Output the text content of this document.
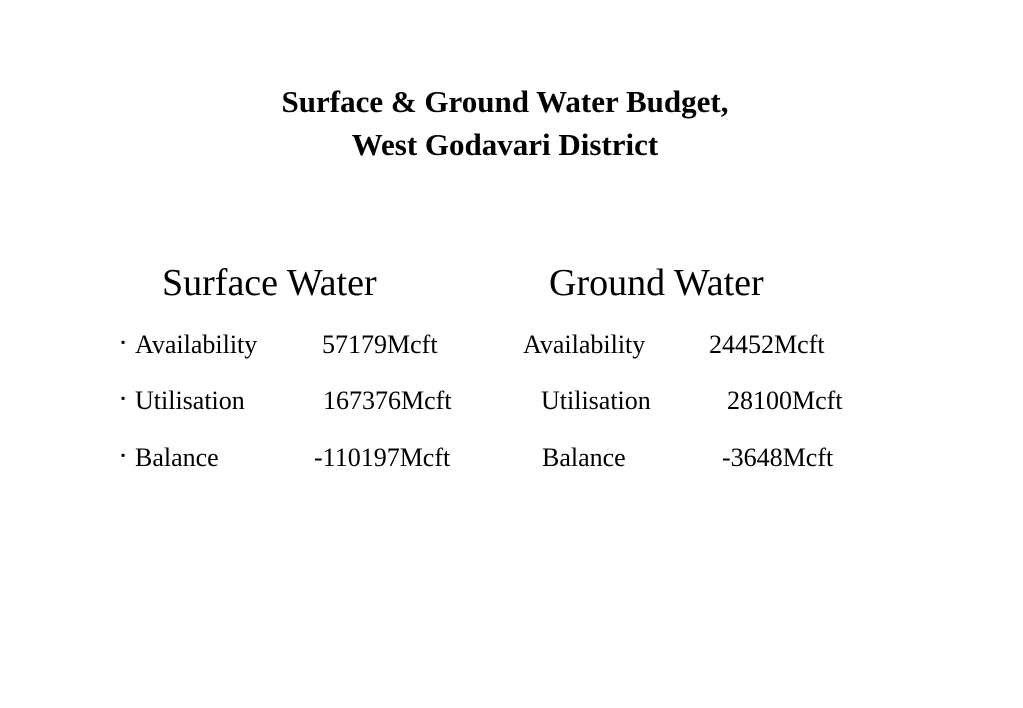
Surface & Ground Water Budget,
West Godavari District
Surface Water	Ground Water
▪ Availability 57179Mcft	Availability 24452Mcft
▪ Utilisation	167376Mcft	Utilisation	28100Mcft
▪ Balance	-110197Mcft	Balance	-3648Mcft
